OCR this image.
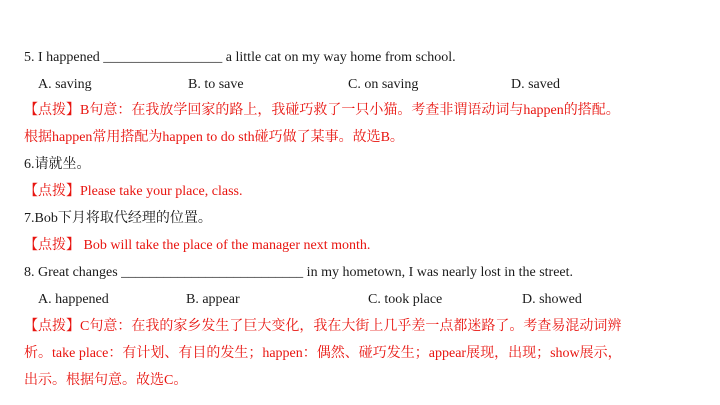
5. I happened _________________ a little cat on my way home from school.
A. saving	B. to save	C. on saving	D. saved
【点拨】B句意：在我放学回家的路上，我碰巧救了一只小猫。考查非谓语动词与happen的搭配。
根据happen常用搭配为happen to do sth碰巧做了某事。故选B。
6.请就坐。
【点拨】Please take your place, class.
7.Bob下月将取代经理的位置。
【点拨】 Bob will take the place of the manager next month.
8. Great changes __________________________ in my hometown, I was nearly lost in the street.
A. happened	B. appear	C. took place	D. showed
【点拨】C句意：在我的家乡发生了巨大变化，我在大街上几乎差一点都迷路了。考查易混动词辨
析。take place：有计划、有目的发生；happen：偶然、碰巧发生；appear展现，出现；show展示，
出示。根据句意。故选C。
